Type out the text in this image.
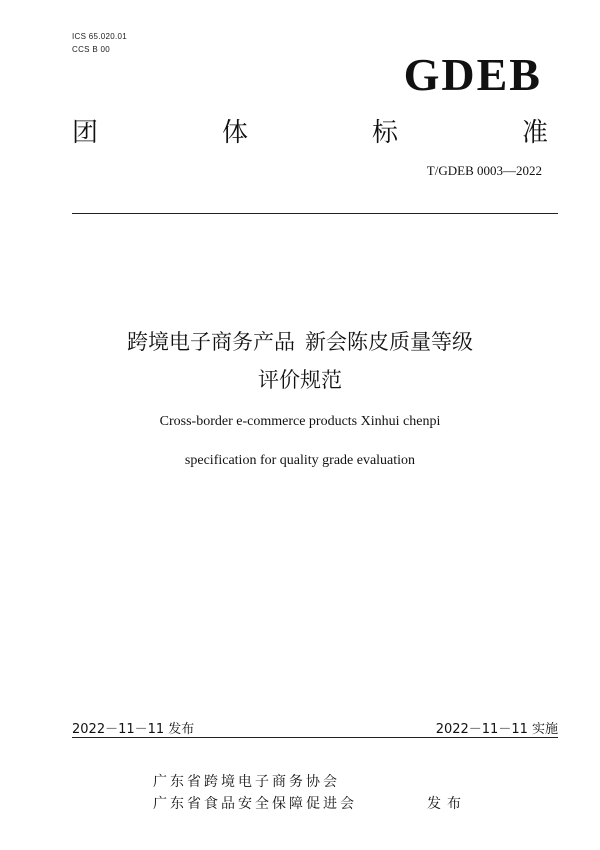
ICS 65.020.01
CCS B 00	GDEB
团	体	标	准
T/GDEB 0003—2022
跨境电子商务产品 新会陈皮质量等级
评价规范
Cross-border e-commerce products Xinhui chenpi
specification for quality grade evaluation
2022－11－11 发布	2022－11－11 实施
广东省跨境电子商务协会
广东省食品安全保障促进会	发布
